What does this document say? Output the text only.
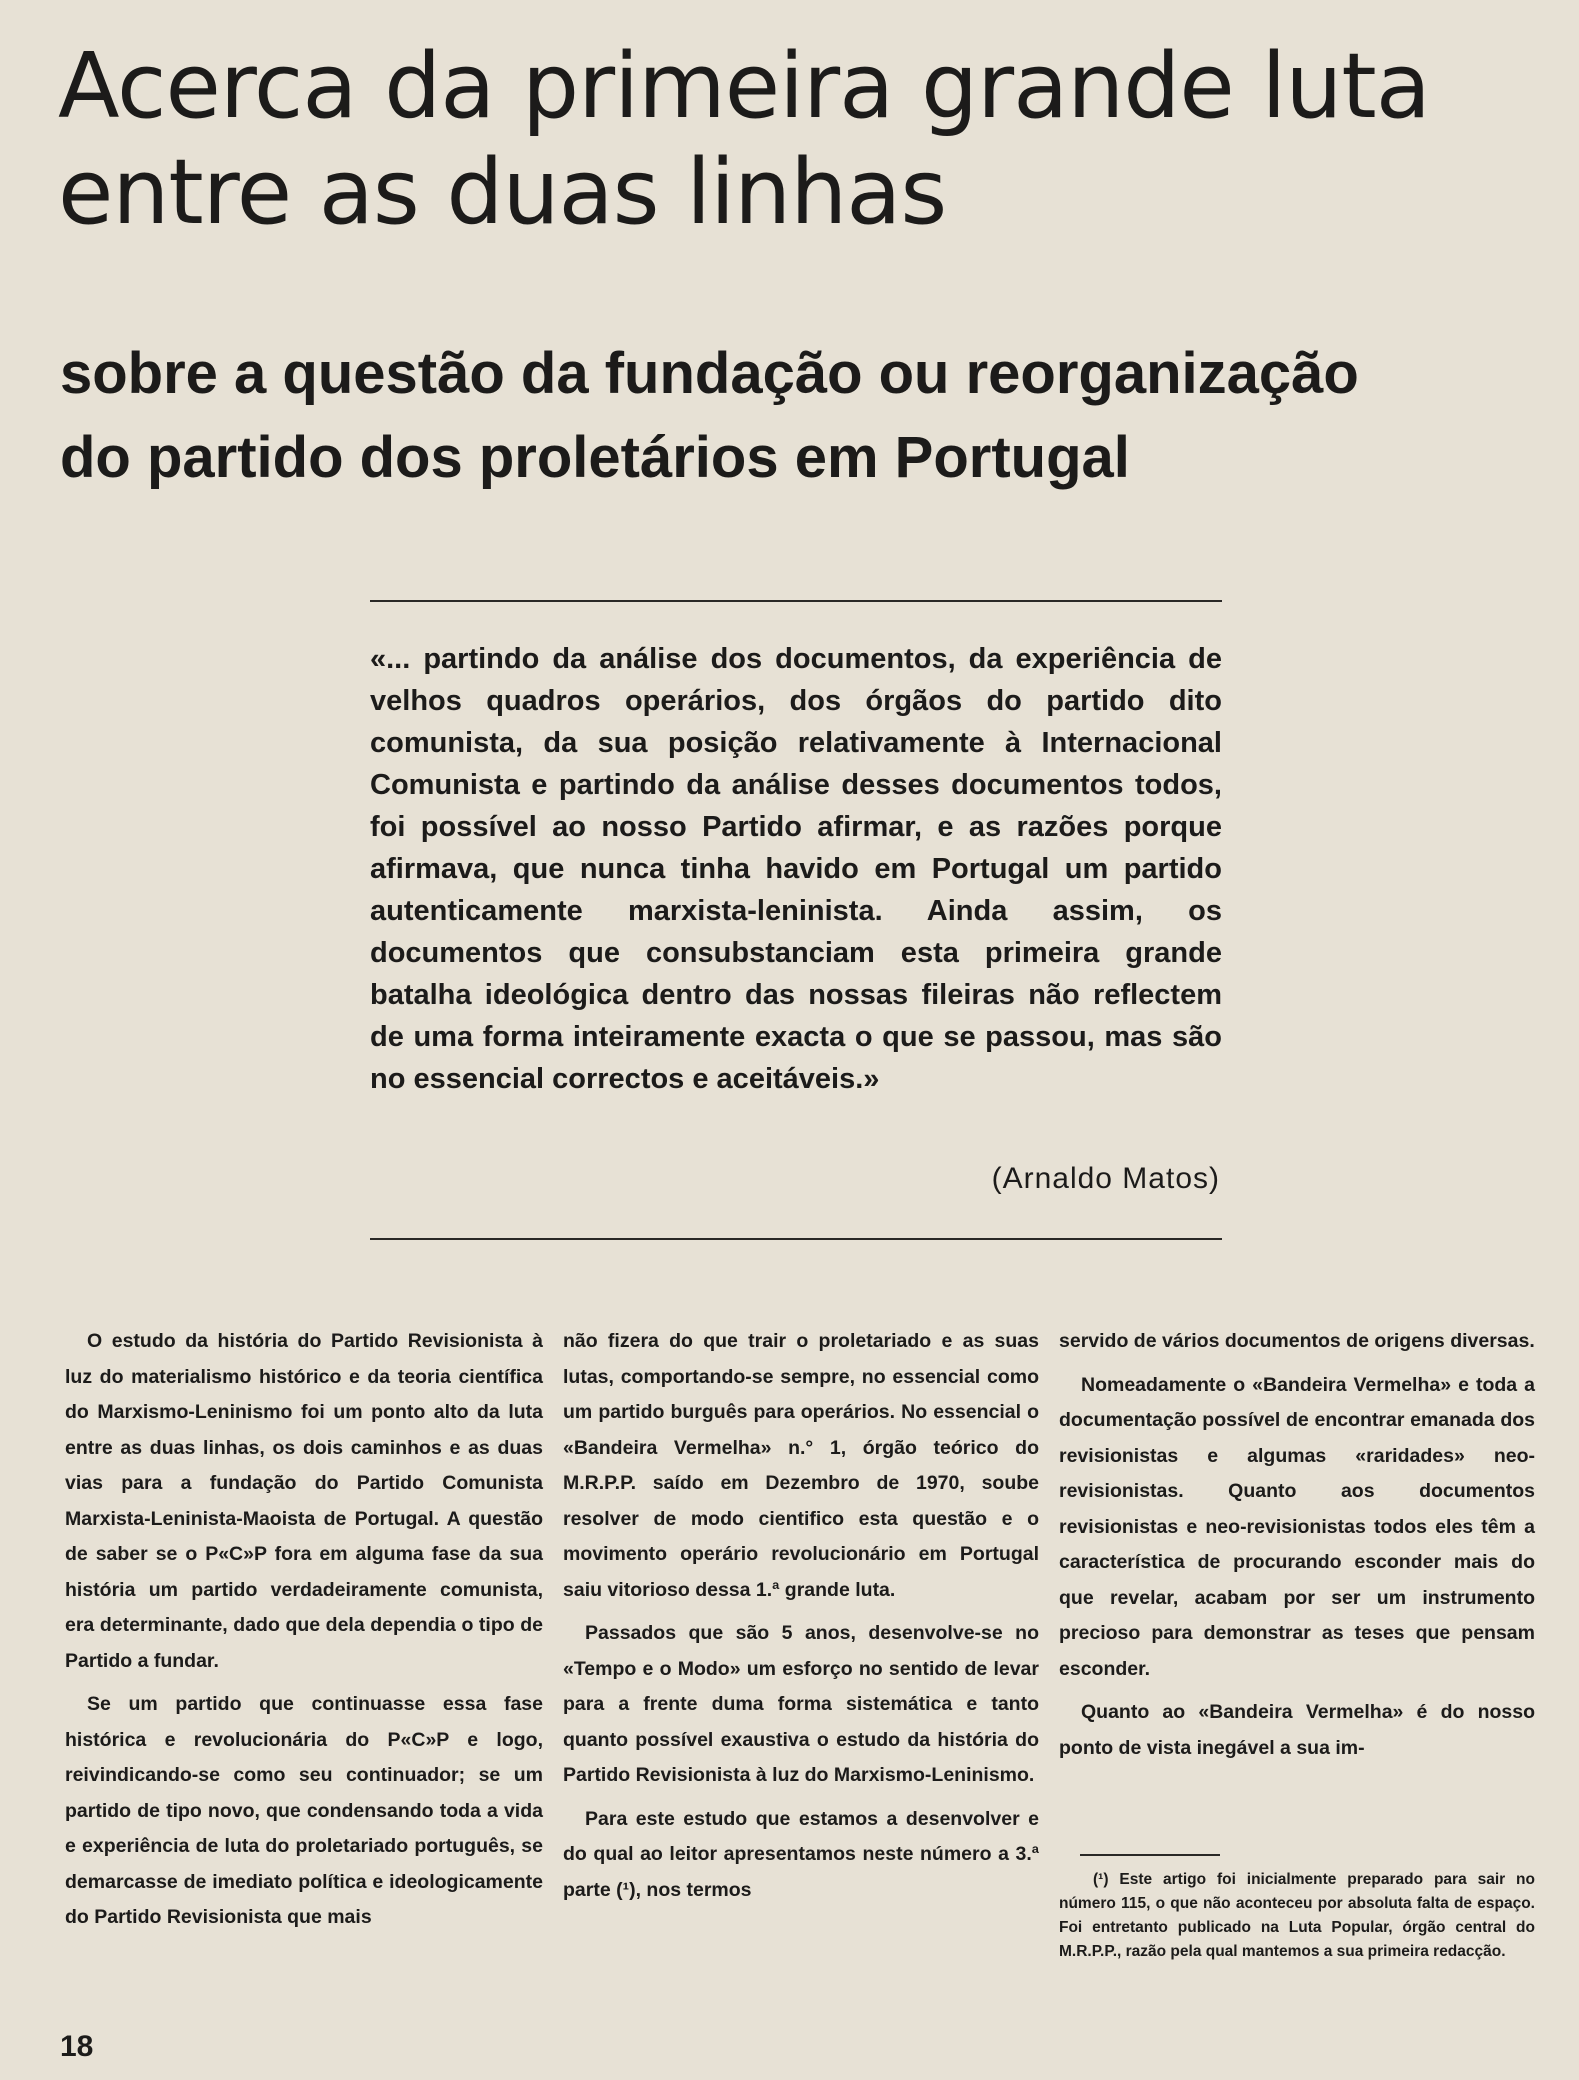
Acerca da primeira grande luta
entre as duas linhas
sobre a questão da fundação ou reorganização
do partido dos proletários em Portugal

«... partindo da análise dos documentos, da experiência de velhos quadros operários, dos órgãos do partido dito comunista, da sua posição relativamente à Internacional Comunista e partindo da análise desses documentos todos, foi possível ao nosso Partido afirmar, e as razões porque afirmava, que nunca tinha havido em Portugal um partido autenticamente marxista-leninista. Ainda assim, os documentos que consubstanciam esta primeira grande batalha ideológica dentro das nossas fileiras não reflectem de uma forma inteiramente exacta o que se passou, mas são no essencial correctos e aceitáveis.»

(Arnaldo Matos)

O estudo da história do Partido Revisionista à luz do materialismo histórico e da teoria científica do Marxismo-Leninismo foi um ponto alto da luta entre as duas linhas, os dois caminhos e as duas vias para a fundação do Partido Comunista Marxista-Leninista-Maoista de Portugal. A questão de saber se o P«C»P fora em alguma fase da sua história um partido verdadeiramente comunista, era determinante, dado que dela dependia o tipo de Partido a fundar.

Se um partido que continuasse essa fase histórica e revolucionária do P«C»P e logo, reivindicando-se como seu continuador; se um partido de tipo novo, que condensando toda a vida e experiência de luta do proletariado português, se demarcasse de imediato política e ideologicamente do Partido Revisionista que mais

não fizera do que trair o proletariado e as suas lutas, comportando-se sempre, no essencial como um partido burguês para operários. No essencial o «Bandeira Vermelha» n.° 1, órgão teórico do M.R.P.P. saído em Dezembro de 1970, soube resolver de modo cientifico esta questão e o movimento operário revolucionário em Portugal saiu vitorioso dessa 1.ª grande luta.

Passados que são 5 anos, desenvolve-se no «Tempo e o Modo» um esforço no sentido de levar para a frente duma forma sistemática e tanto quanto possível exaustiva o estudo da história do Partido Revisionista à luz do Marxismo-Leninismo.

Para este estudo que estamos a desenvolver e do qual ao leitor apresentamos neste número a 3.ª parte (¹), nos termos

servido de vários documentos de origens diversas.

Nomeadamente o «Bandeira Vermelha» e toda a documentação possível de encontrar emanada dos revisionistas e algumas «raridades» neo-revisionistas. Quanto aos documentos revisionistas e neo-revisionistas todos eles têm a característica de procurando esconder mais do que revelar, acabam por ser um instrumento precioso para demonstrar as teses que pensam esconder.

Quanto ao «Bandeira Vermelha» é do nosso ponto de vista inegável a sua im-

(¹) Este artigo foi inicialmente preparado para sair no número 115, o que não aconteceu por absoluta falta de espaço. Foi entretanto publicado na Luta Popular, órgão central do M.R.P.P., razão pela qual mantemos a sua primeira redacção.

18
